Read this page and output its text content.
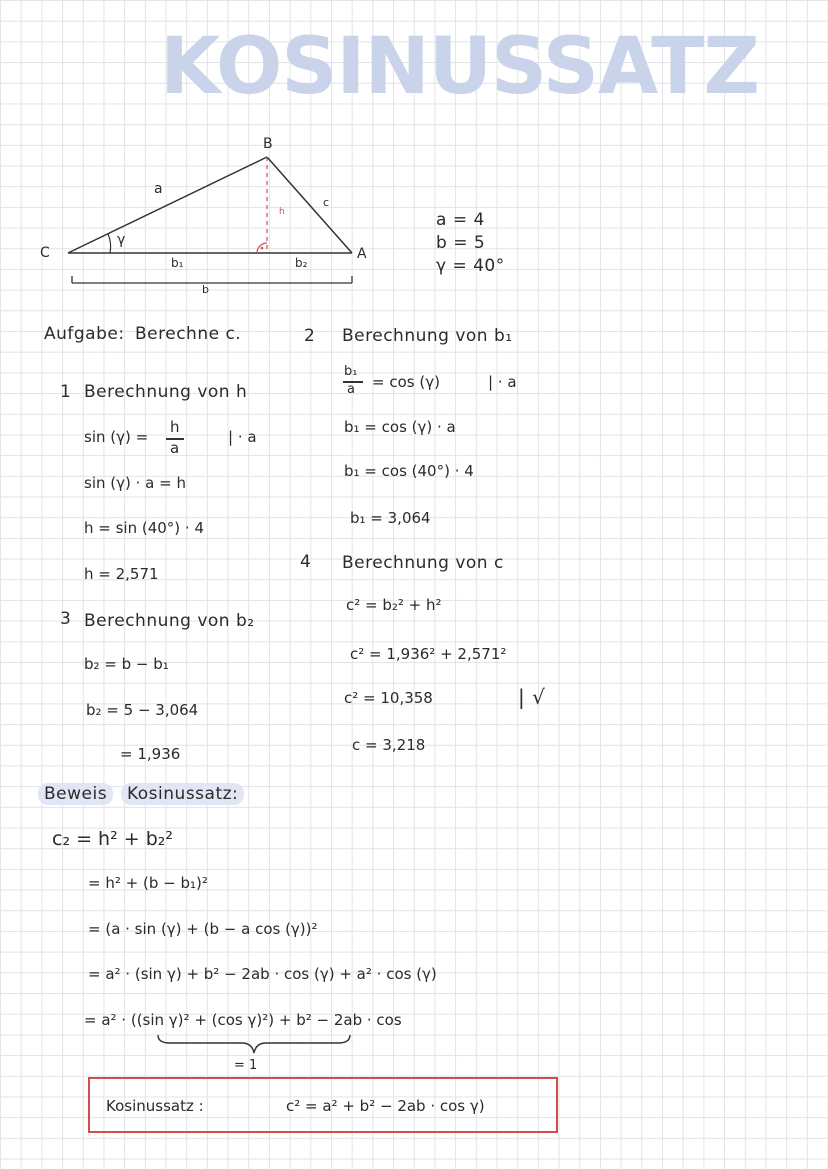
KOSINUSSATZ
C
B
A
a
c
h
γ
b₁	b₂
b
a = 4
b = 5
γ = 40°
Aufgabe: Berechne c.
1 Berechnung von h
sin (γ) =
h
a
| · a
sin (γ) · a = h
h = sin (40°) · 4
h = 2,571
2 Berechnung von b₁
b₁
a = cos (γ)	| · a
b₁ = cos (γ) · a
b₁ = cos (40°) · 4
b₁ = 3,064
3 Berechnung von b₂
b₂ = b − b₁
b₂ = 5 − 3,064
= 1,936
4 Berechnung von c
c² = b₂² + h²
c² = 1,936² + 2,571²
c² = 10,358	| √
c = 3,218
Beweis Kosinussatz:
c₂ = h² + b₂²
= h² + (b − b₁)²
= (a · sin (γ) + (b − a cos (γ))²
= a² · (sin γ) + b² − 2ab · cos (γ) + a² · cos (γ)
= a² · ((sin γ)² + (cos γ)²) + b² − 2ab · cos
= 1
Kosinussatz :	c² = a² + b² − 2ab · cos γ)
